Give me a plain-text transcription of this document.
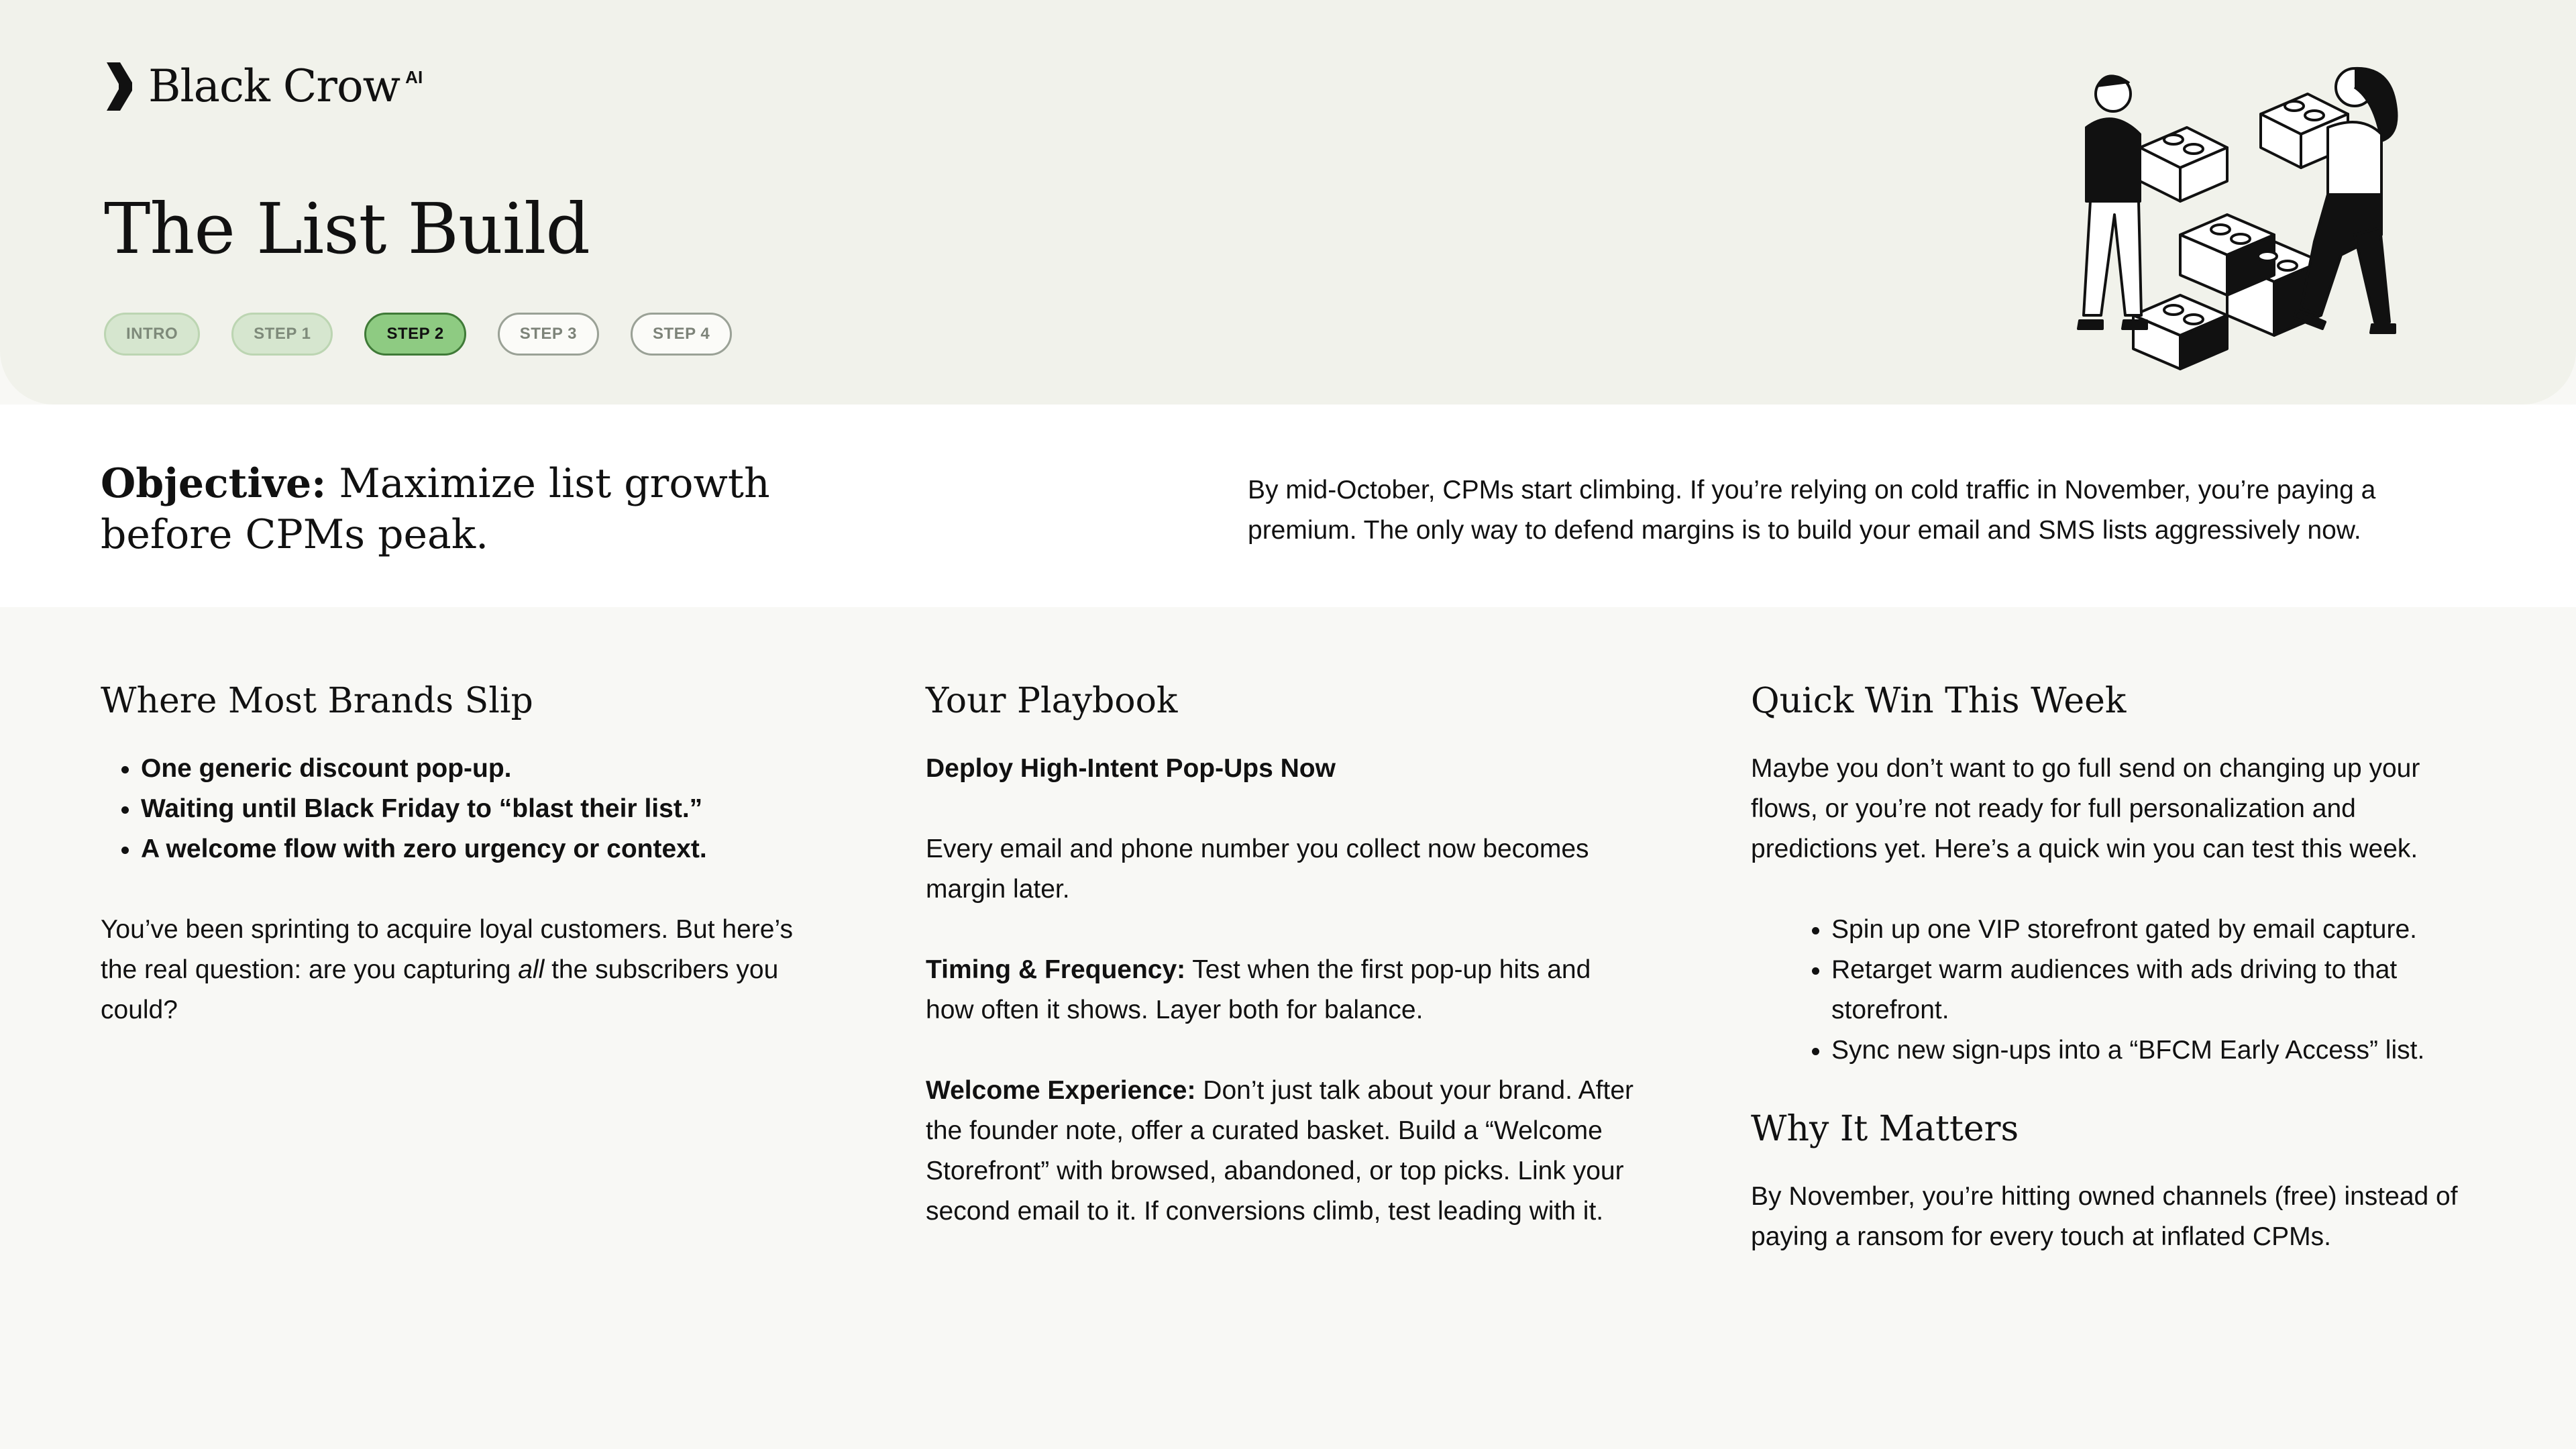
Black Crow AI
The List Build
INTRO	STEP 1	STEP 2	STEP 3	STEP 4
Objective: Maximize list growth before CPMs peak.

By mid-October, CPMs start climbing. If you’re relying on cold traffic in November, you’re paying a premium. The only way to defend margins is to build your email and SMS lists aggressively now.

Where Most Brands Slip
• One generic discount pop-up.
• Waiting until Black Friday to “blast their list.”
• A welcome flow with zero urgency or context.

You’ve been sprinting to acquire loyal customers. But here’s the real question: are you capturing all the subscribers you could?

Your Playbook

Deploy High-Intent Pop-Ups Now

Every email and phone number you collect now becomes margin later.

Timing & Frequency: Test when the first pop-up hits and how often it shows. Layer both for balance.

Welcome Experience: Don’t just talk about your brand. After the founder note, offer a curated basket. Build a “Welcome Storefront” with browsed, abandoned, or top picks. Link your second email to it. If conversions climb, test leading with it.

Quick Win This Week

Maybe you don’t want to go full send on changing up your flows, or you’re not ready for full personalization and predictions yet. Here’s a quick win you can test this week.

• Spin up one VIP storefront gated by email capture.
• Retarget warm audiences with ads driving to that storefront.
• Sync new sign-ups into a “BFCM Early Access” list.
Why It Matters

By November, you’re hitting owned channels (free) instead of paying a ransom for every touch at inflated CPMs.
